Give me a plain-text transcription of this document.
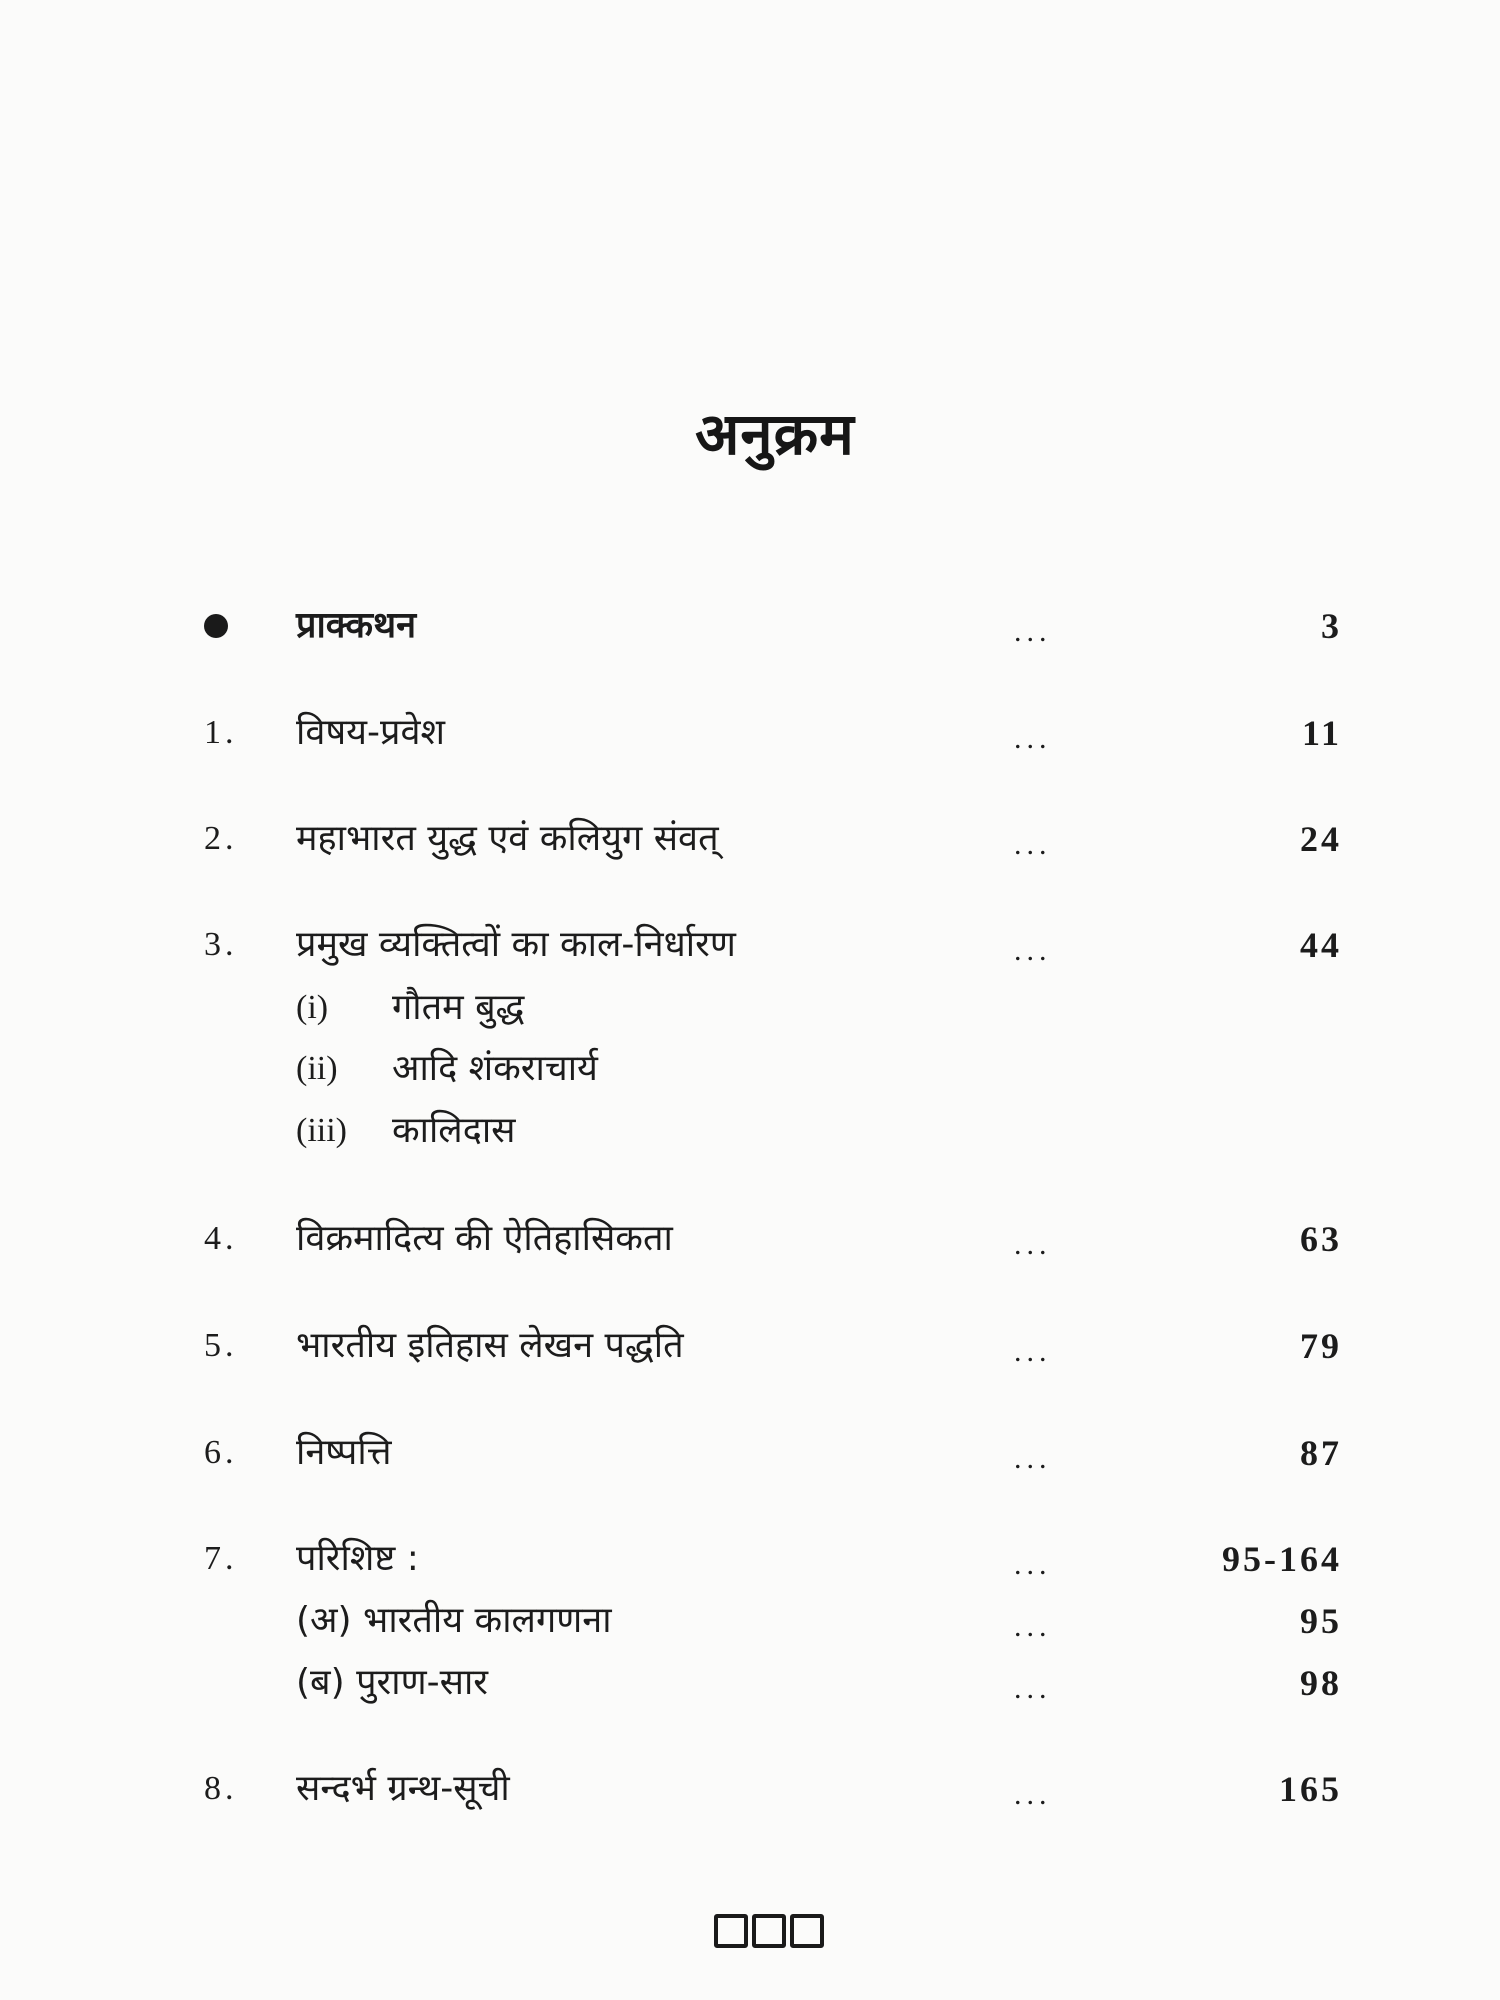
अनुक्रम
प्राक्कथन	...	3
1. विषय-प्रवेश	...	11
2. महाभारत युद्ध एवं कलियुग संवत्	...	24
3. प्रमुख व्यक्तित्वों का काल-निर्धारण	...	44
(i) गौतम बुद्ध
(ii) आदि शंकराचार्य
(iii) कालिदास
4. विक्रमादित्य की ऐतिहासिकता	...	63
5. भारतीय इतिहास लेखन पद्धति	...	79
6. निष्पत्ति	...	87
7. परिशिष्ट :	...	95-164
(अ) भारतीय कालगणना	...	95
(ब) पुराण-सार	...	98
8. सन्दर्भ ग्रन्थ-सूची	...	165
